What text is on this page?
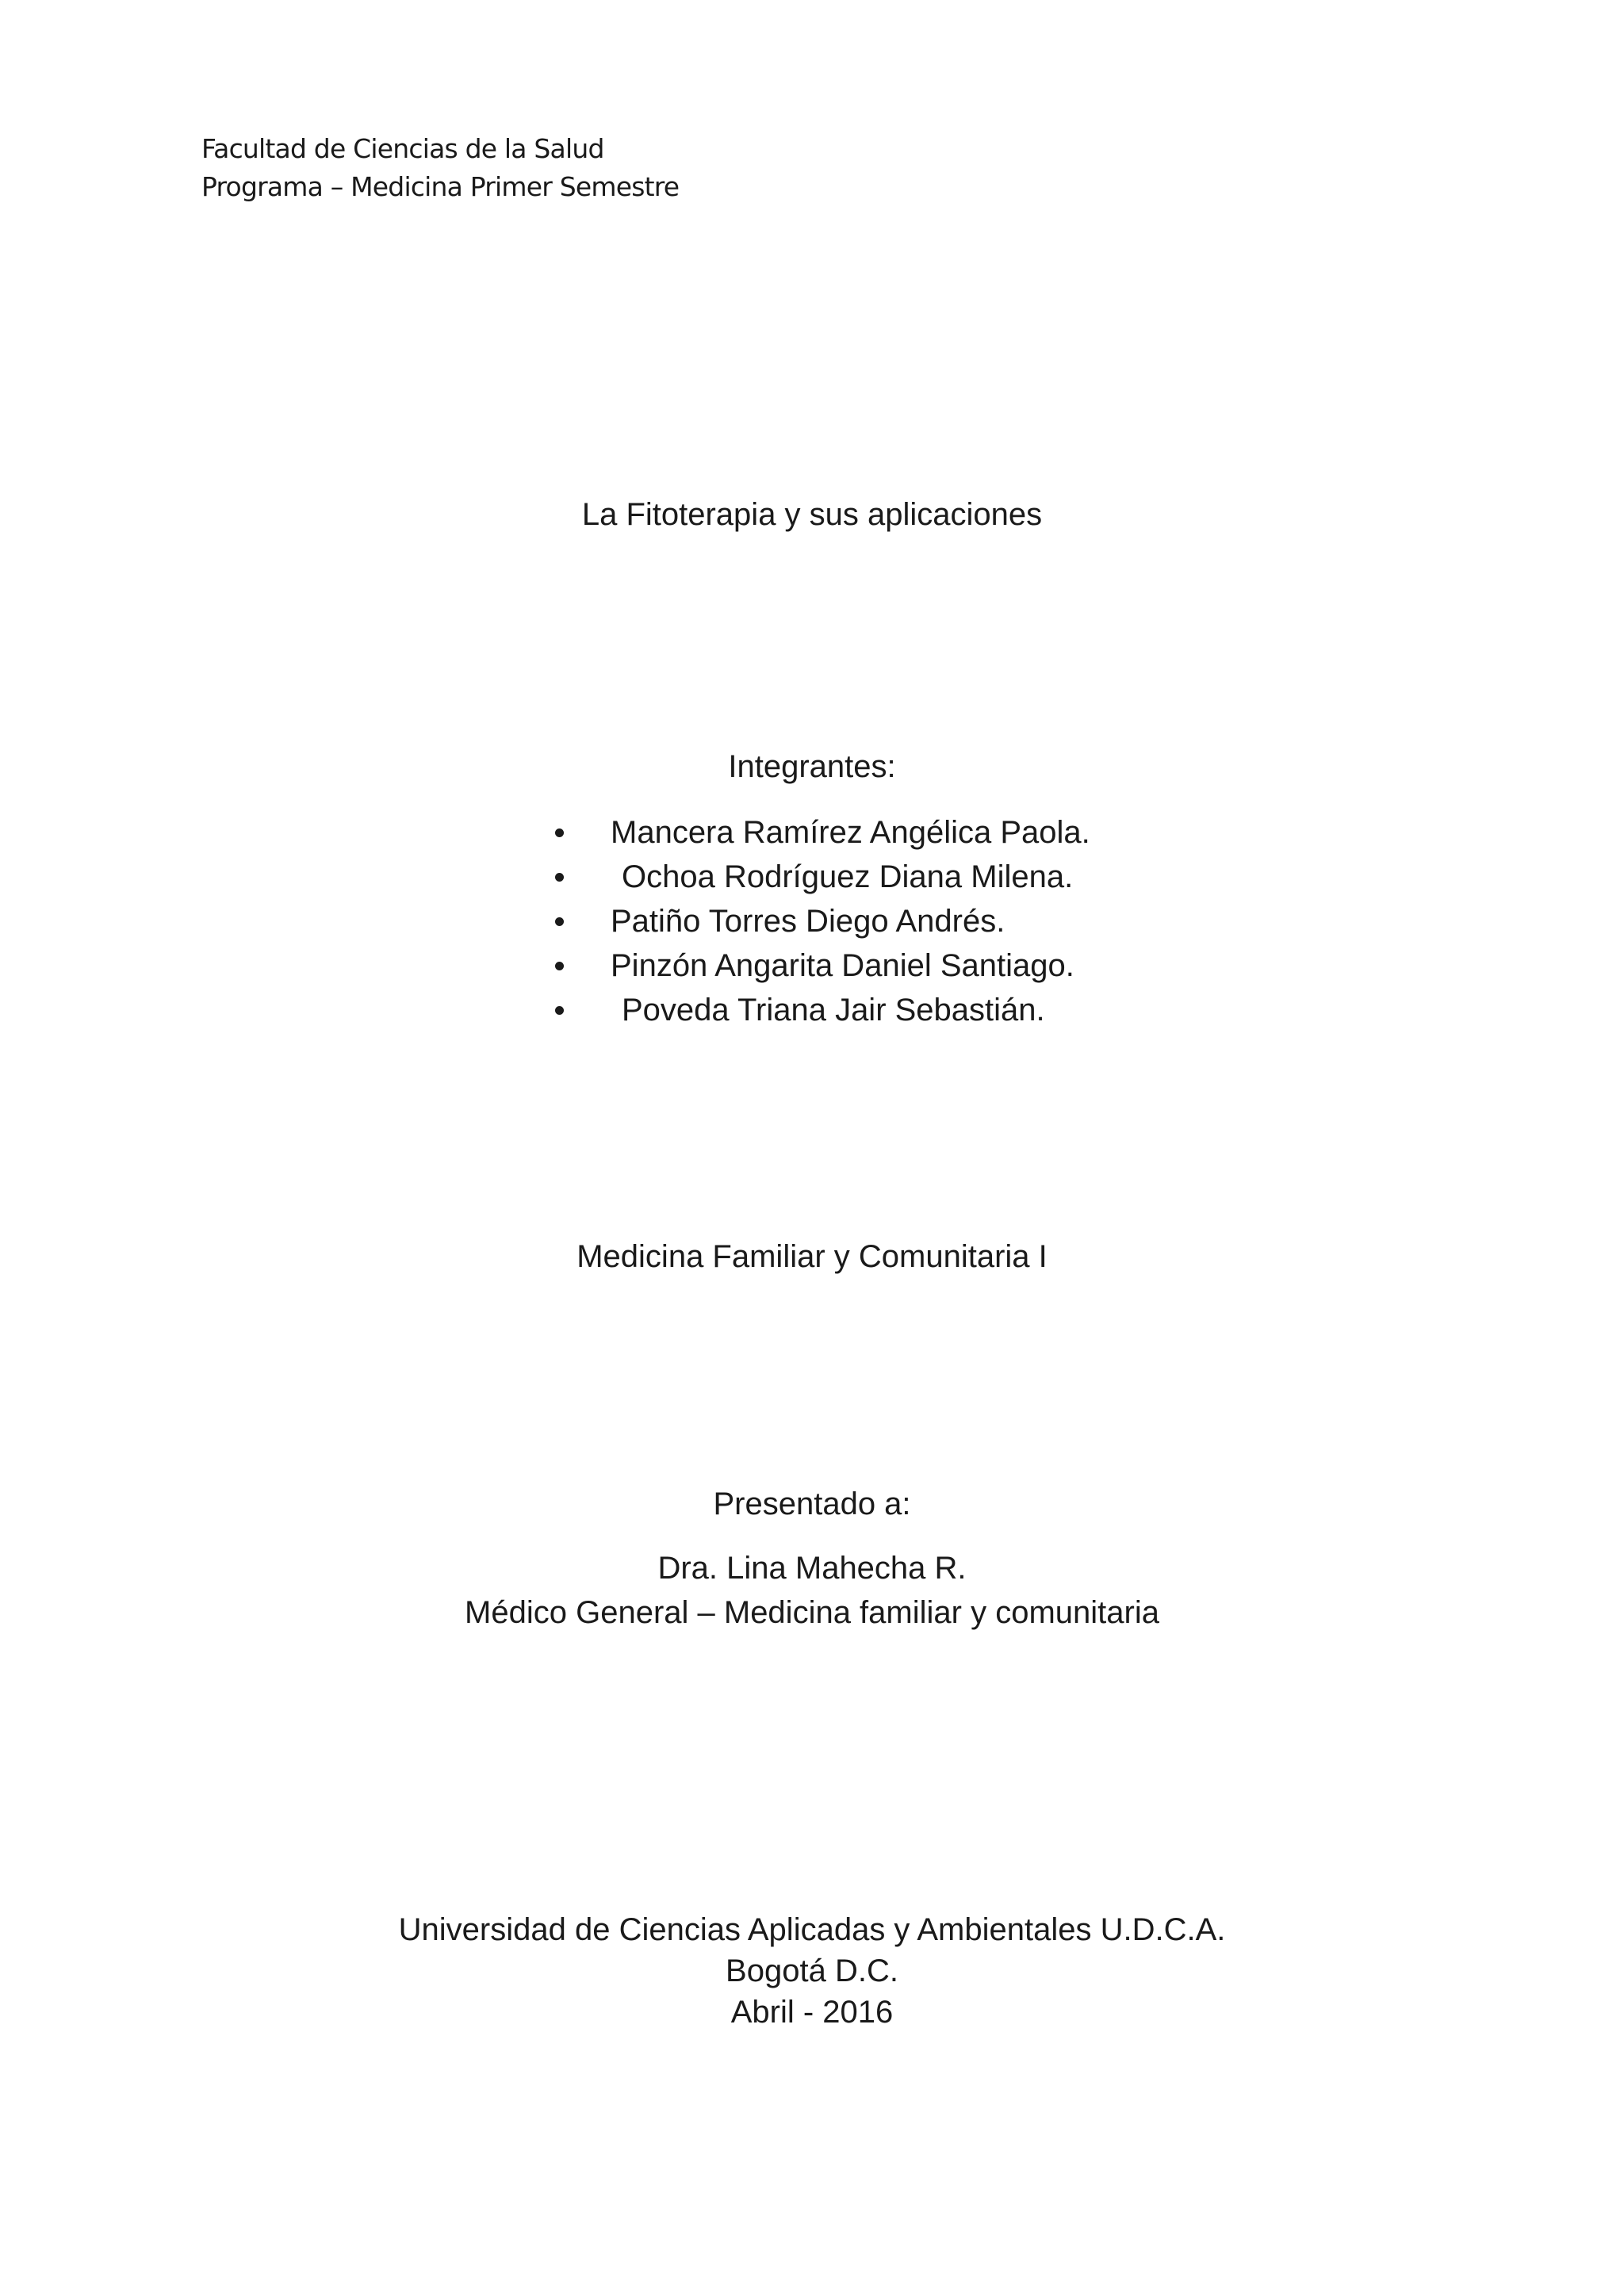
Facultad de Ciencias de la Salud
Programa – Medicina Primer Semestre
La Fitoterapia y sus aplicaciones
Integrantes:
Mancera Ramírez Angélica Paola.
Ochoa Rodríguez Diana Milena.
Patiño Torres Diego Andrés.
Pinzón Angarita Daniel Santiago.
Poveda Triana Jair Sebastián.
Medicina Familiar y Comunitaria I
Presentado a:
Dra. Lina Mahecha R.
Médico General – Medicina familiar y comunitaria
Universidad de Ciencias Aplicadas y Ambientales U.D.C.A.
Bogotá D.C.
Abril - 2016
